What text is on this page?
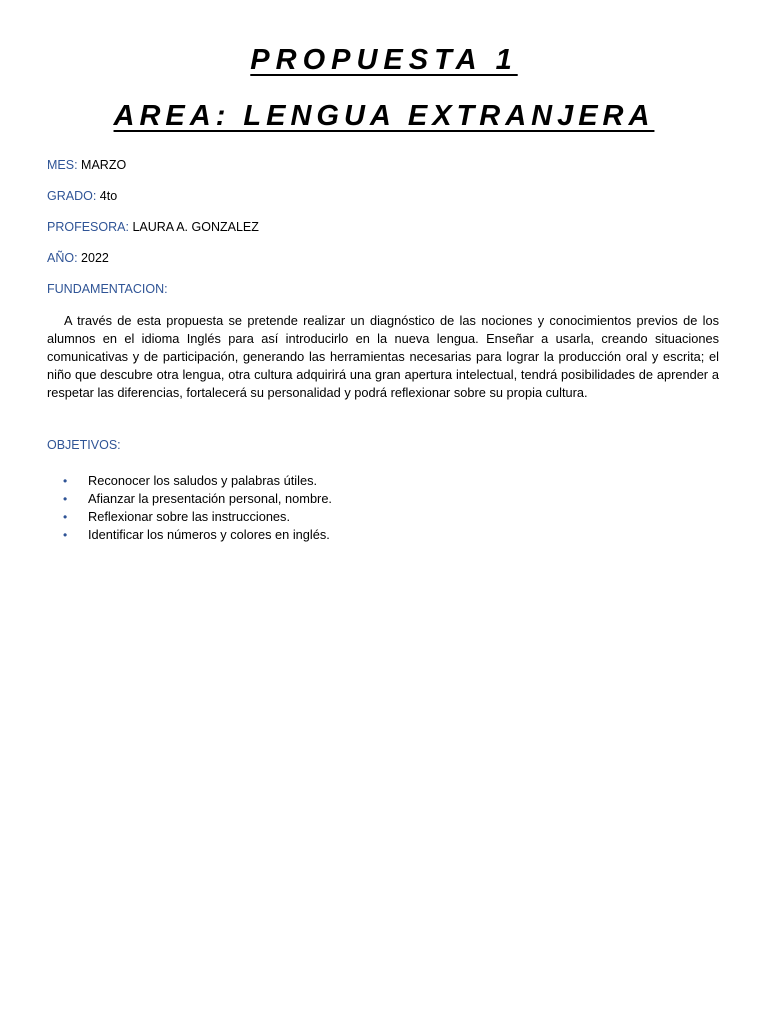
PROPUESTA 1
AREA: LENGUA EXTRANJERA
MES: MARZO
GRADO: 4to
PROFESORA: LAURA A. GONZALEZ
AÑO: 2022
FUNDAMENTACION:

A través de esta propuesta se pretende realizar un diagnóstico de las nociones y conocimientos previos de los alumnos en el idioma Inglés para así introducirlo en la nueva lengua. Enseñar a usarla, creando situaciones comunicativas y de participación, generando las herramientas necesarias para lograr la producción oral y escrita; el niño que descubre otra lengua, otra cultura adquirirá una gran apertura intelectual, tendrá posibilidades de aprender a respetar las diferencias, fortalecerá su personalidad y podrá reflexionar sobre su propia cultura.

OBJETIVOS:
•	Reconocer los saludos y palabras útiles.
•	Afianzar la presentación personal, nombre.
•	Reflexionar sobre las instrucciones.
•	Identificar los números y colores en inglés.
